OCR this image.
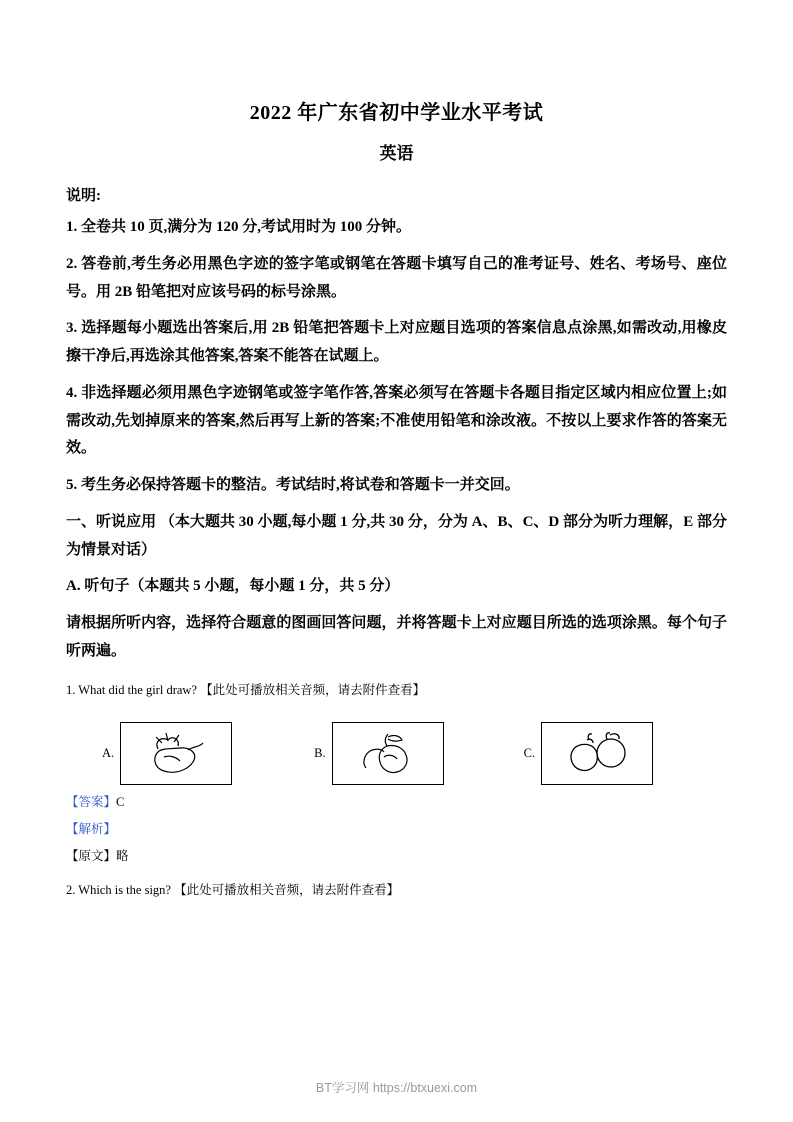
2022 年广东省初中学业水平考试
英语
说明:
1. 全卷共 10 页,满分为 120 分,考试用时为 100 分钟。
2. 答卷前,考生务必用黑色字迹的签字笔或钢笔在答题卡填写自己的准考证号、姓名、考场号、座位号。用 2B 铅笔把对应该号码的标号涂黑。
3. 选择题每小题选出答案后,用 2B 铅笔把答题卡上对应题目选项的答案信息点涂黑,如需改动,用橡皮擦干净后,再选涂其他答案,答案不能答在试题上。
4. 非选择题必须用黑色字迹钢笔或签字笔作答,答案必须写在答题卡各题目指定区域内相应位置上;如需改动,先划掉原来的答案,然后再写上新的答案;不准使用铅笔和涂改液。不按以上要求作答的答案无效。
5. 考生务必保持答题卡的整洁。考试结时,将试卷和答题卡一并交回。
一、听说应用 （本大题共 30 小题,每小题 1 分,共 30 分，分为 A、B、C、D 部分为听力理解，E 部分为情景对话）
A. 听句子（本题共 5 小题，每小题 1 分，共 5 分）
请根据所听内容，选择符合题意的图画回答问题，并将答题卡上对应题目所选的选项涂黑。每个句子听两遍。
1. What did the girl draw? 【此处可播放相关音频，请去附件查看】
A.	B.	C.
【答案】C
【解析】
【原文】略
2. Which is the sign? 【此处可播放相关音频，请去附件查看】
BT学习网 https://btxuexi.com
